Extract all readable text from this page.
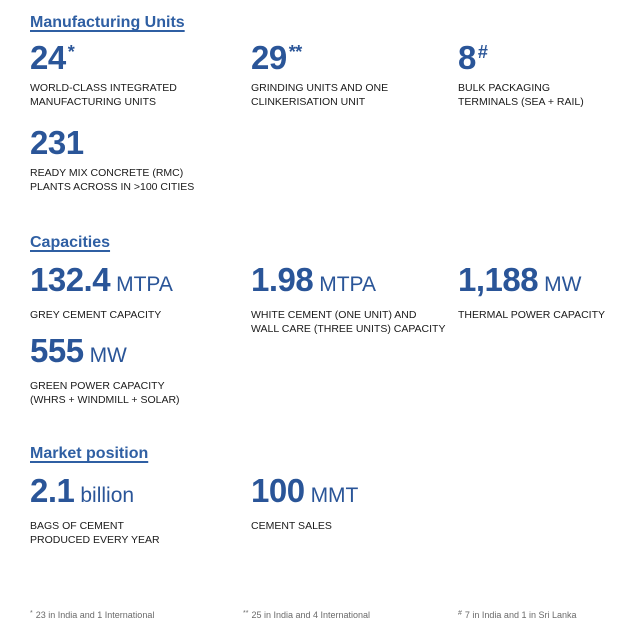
Manufacturing Units
24 *
WORLD-CLASS INTEGRATED
MANUFACTURING UNITS
29 **
GRINDING UNITS AND ONE
CLINKERISATION UNIT
8 #
BULK PACKAGING
TERMINALS (SEA + RAIL)
231
READY MIX CONCRETE (RMC)
PLANTS ACROSS IN >100 CITIES
Capacities
132.4 MTPA
GREY CEMENT CAPACITY
1.98 MTPA
WHITE CEMENT (ONE UNIT) AND
WALL CARE (THREE UNITS) CAPACITY
1,188 MW
THERMAL POWER CAPACITY
555 MW
GREEN POWER CAPACITY
(WHRS + WINDMILL + SOLAR)
Market position
2.1 billion
BAGS OF CEMENT
PRODUCED EVERY YEAR
100 MMT
CEMENT SALES
* 23 in India and 1 International	** 25 in India and 4 International	# 7 in India and 1 in Sri Lanka
